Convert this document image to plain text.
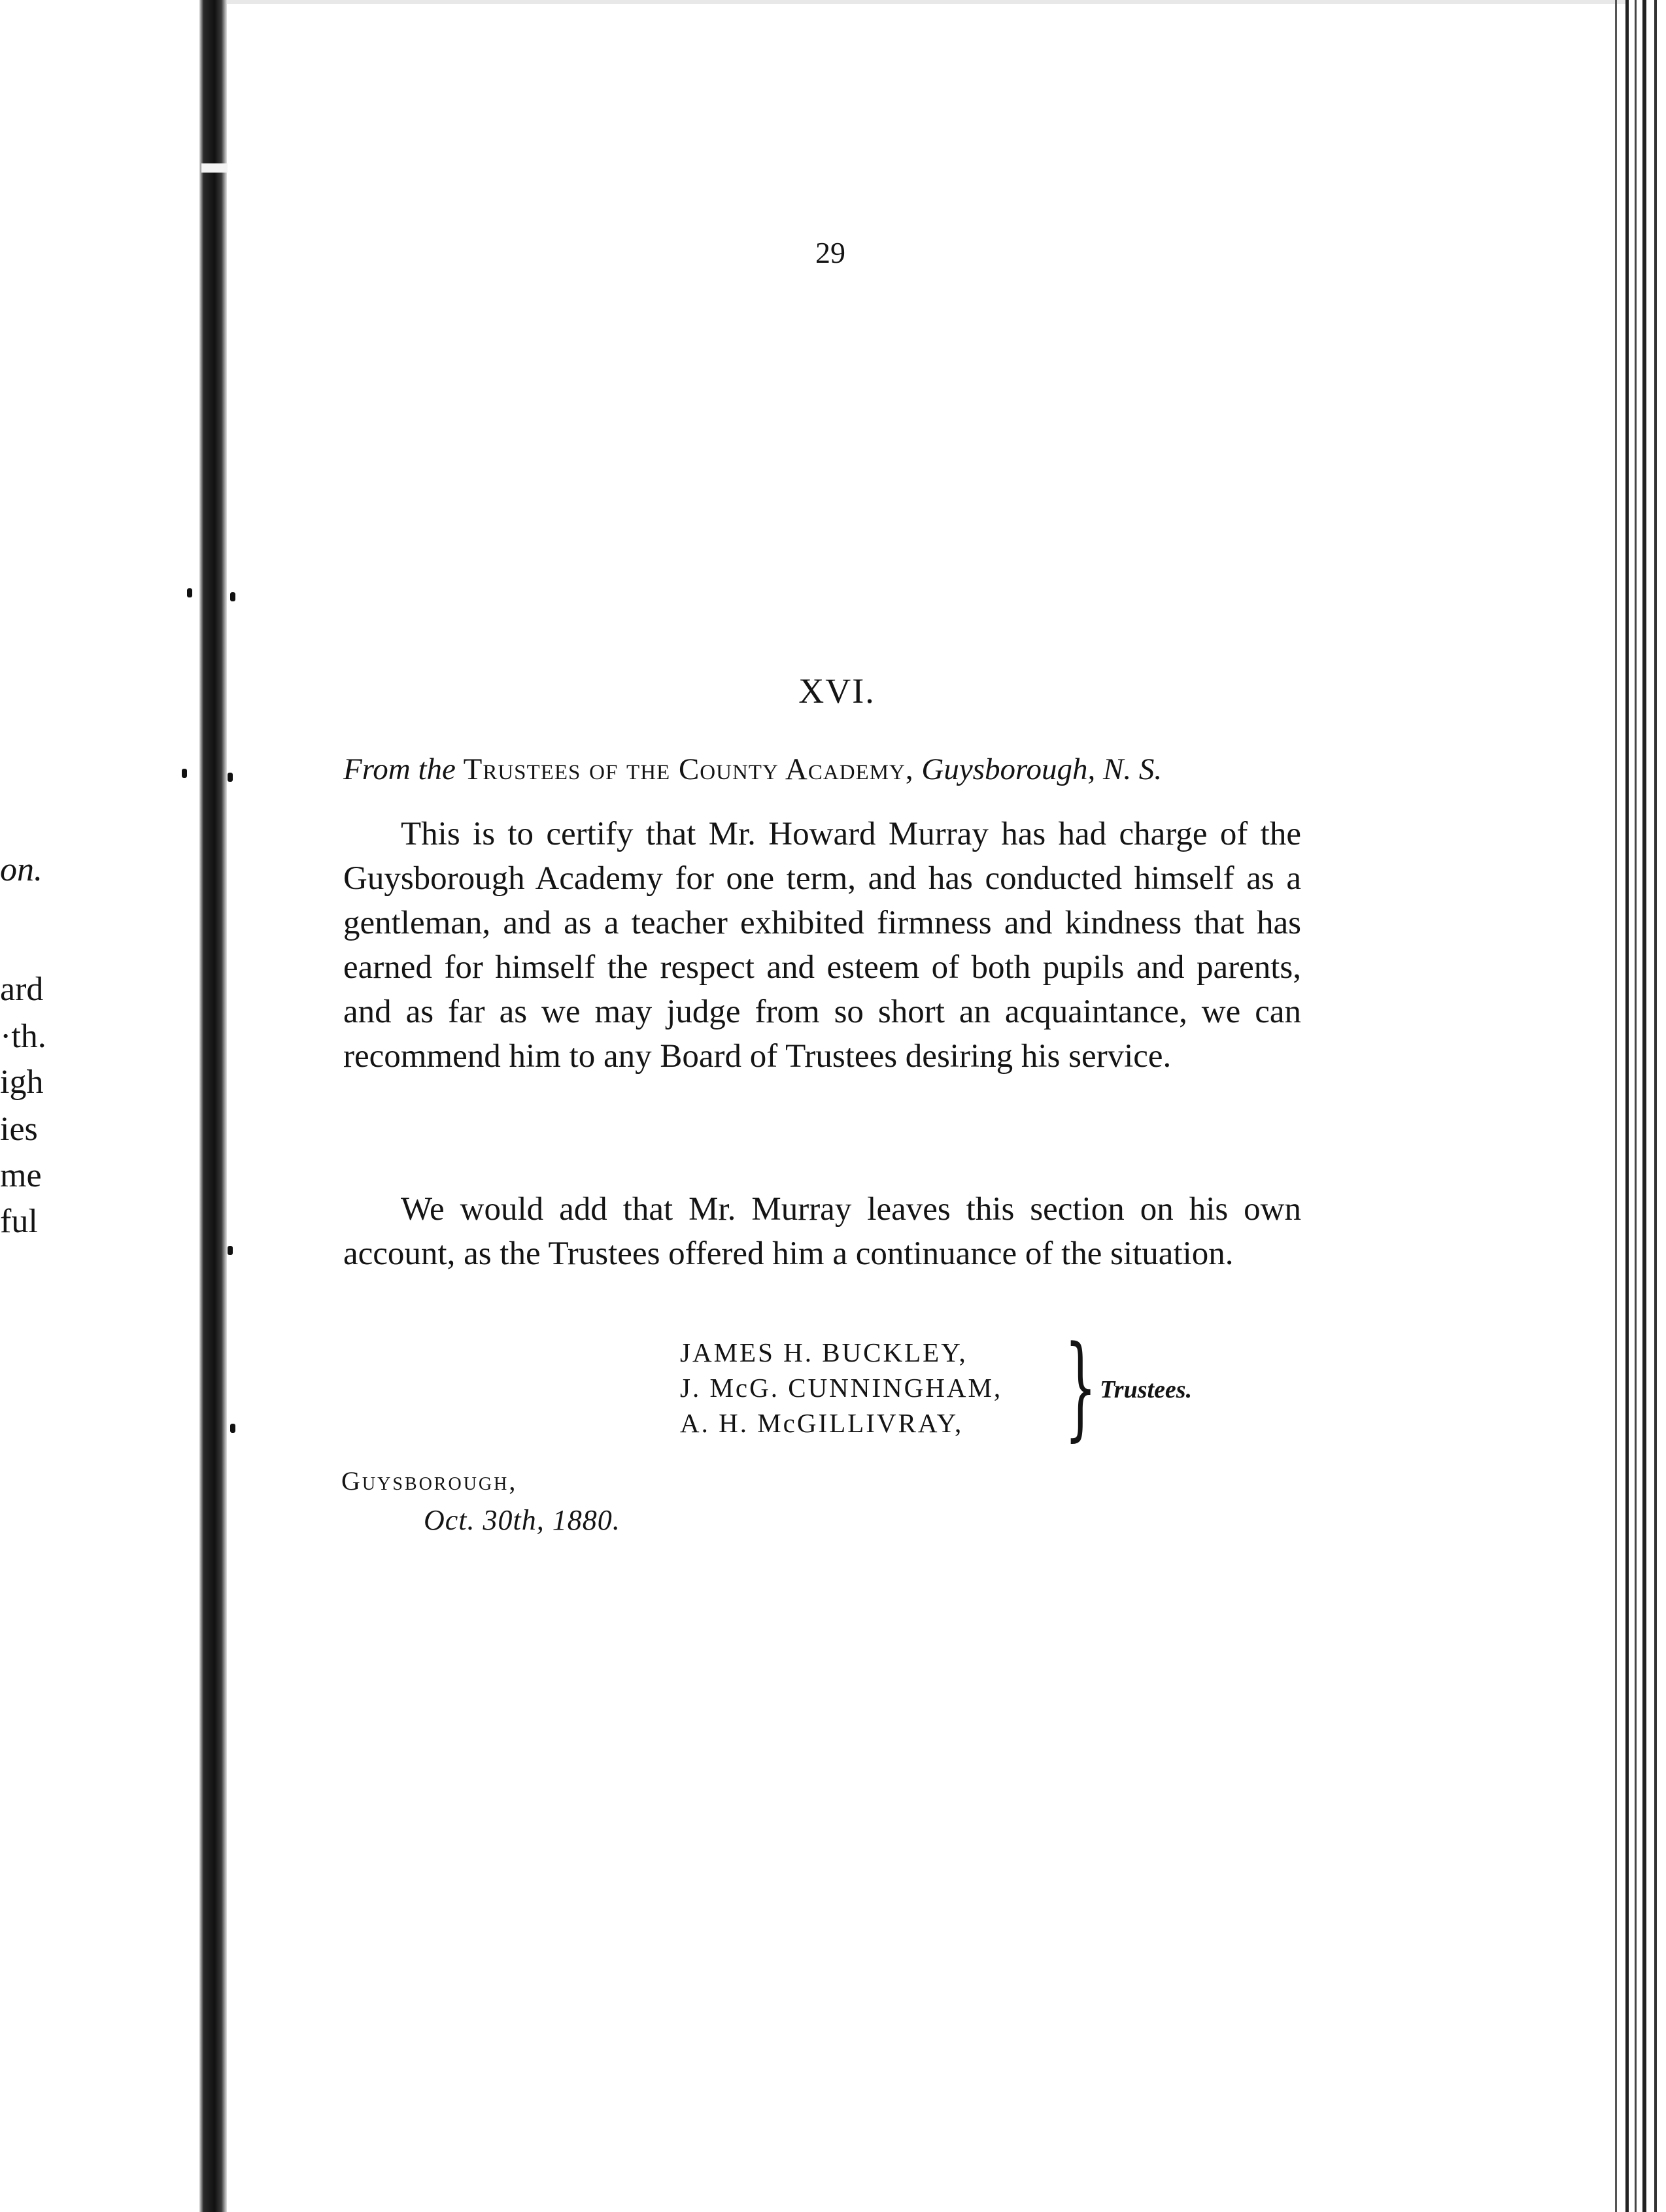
on.
ard
·th.
igh
ies
me
ful
29
XVI.
From the Trustees of the County Academy, Guysborough, N. S.

This is to certify that Mr. Howard Murray has had charge of the Guysborough Academy for one term, and has conducted himself as a gentleman, and as a teacher exhibited firmness and kindness that has earned for himself the respect and esteem of both pupils and parents, and as far as we may judge from so short an acquaintance, we can recommend him to any Board of Trustees desiring his service.

We would add that Mr. Murray leaves this section on his own account, as the Trustees offered him a continuance of the situation.

JAMES H. BUCKLEY,
J. McG. CUNNINGHAM,
A. H. McGILLIVRAY, } Trustees.
Guysborough,
Oct. 30th, 1880.
